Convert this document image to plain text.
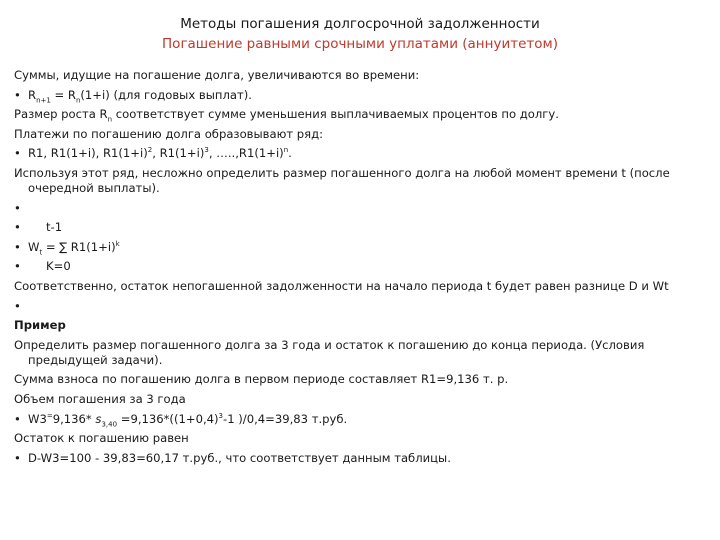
Методы погашения долгосрочной задолженности
Погашение равными срочными уплатами (аннуитетом)
Суммы, идущие на погашение долга, увеличиваются во времени:
• $R_{n+1} = R_n(1+i)$ (для годовых выплат).
Размер роста $R_n$ соответствует сумме уменьшения выплачиваемых процентов по долгу.
Платежи по погашению долга образовывают ряд:
• R1, R1(1+i), $R1(1+i)^2$, $R1(1+i)^3$, $\dots..,R1(1+i)^n$.
Используя этот ряд, несложно определить размер погашенного долга на любой момент времени t (после очередной выплаты).
•
• t-1
• $W_t$ = ∑ $R1(1+i)^k$
• K=0
Соответственно, остаток непогашенной задолженности на начало периода t будет равен разнице D и Wt
•
Пример
Определить размер погашенного долга за 3 года и остаток к погашению до конца периода. (Условия предыдущей задачи).
Сумма взноса по погашению долга в первом периоде составляет R1=9,136 т. р.
Объем погашения за 3 года
• W3=9,136* $s_{3,40} =9,136*((1+0,4)^3-1$ )/0,4=39,83 т.руб.
Остаток к погашению равен
• D-W3=100 - 39,83=60,17 т.руб., что соответствует данным таблицы.
